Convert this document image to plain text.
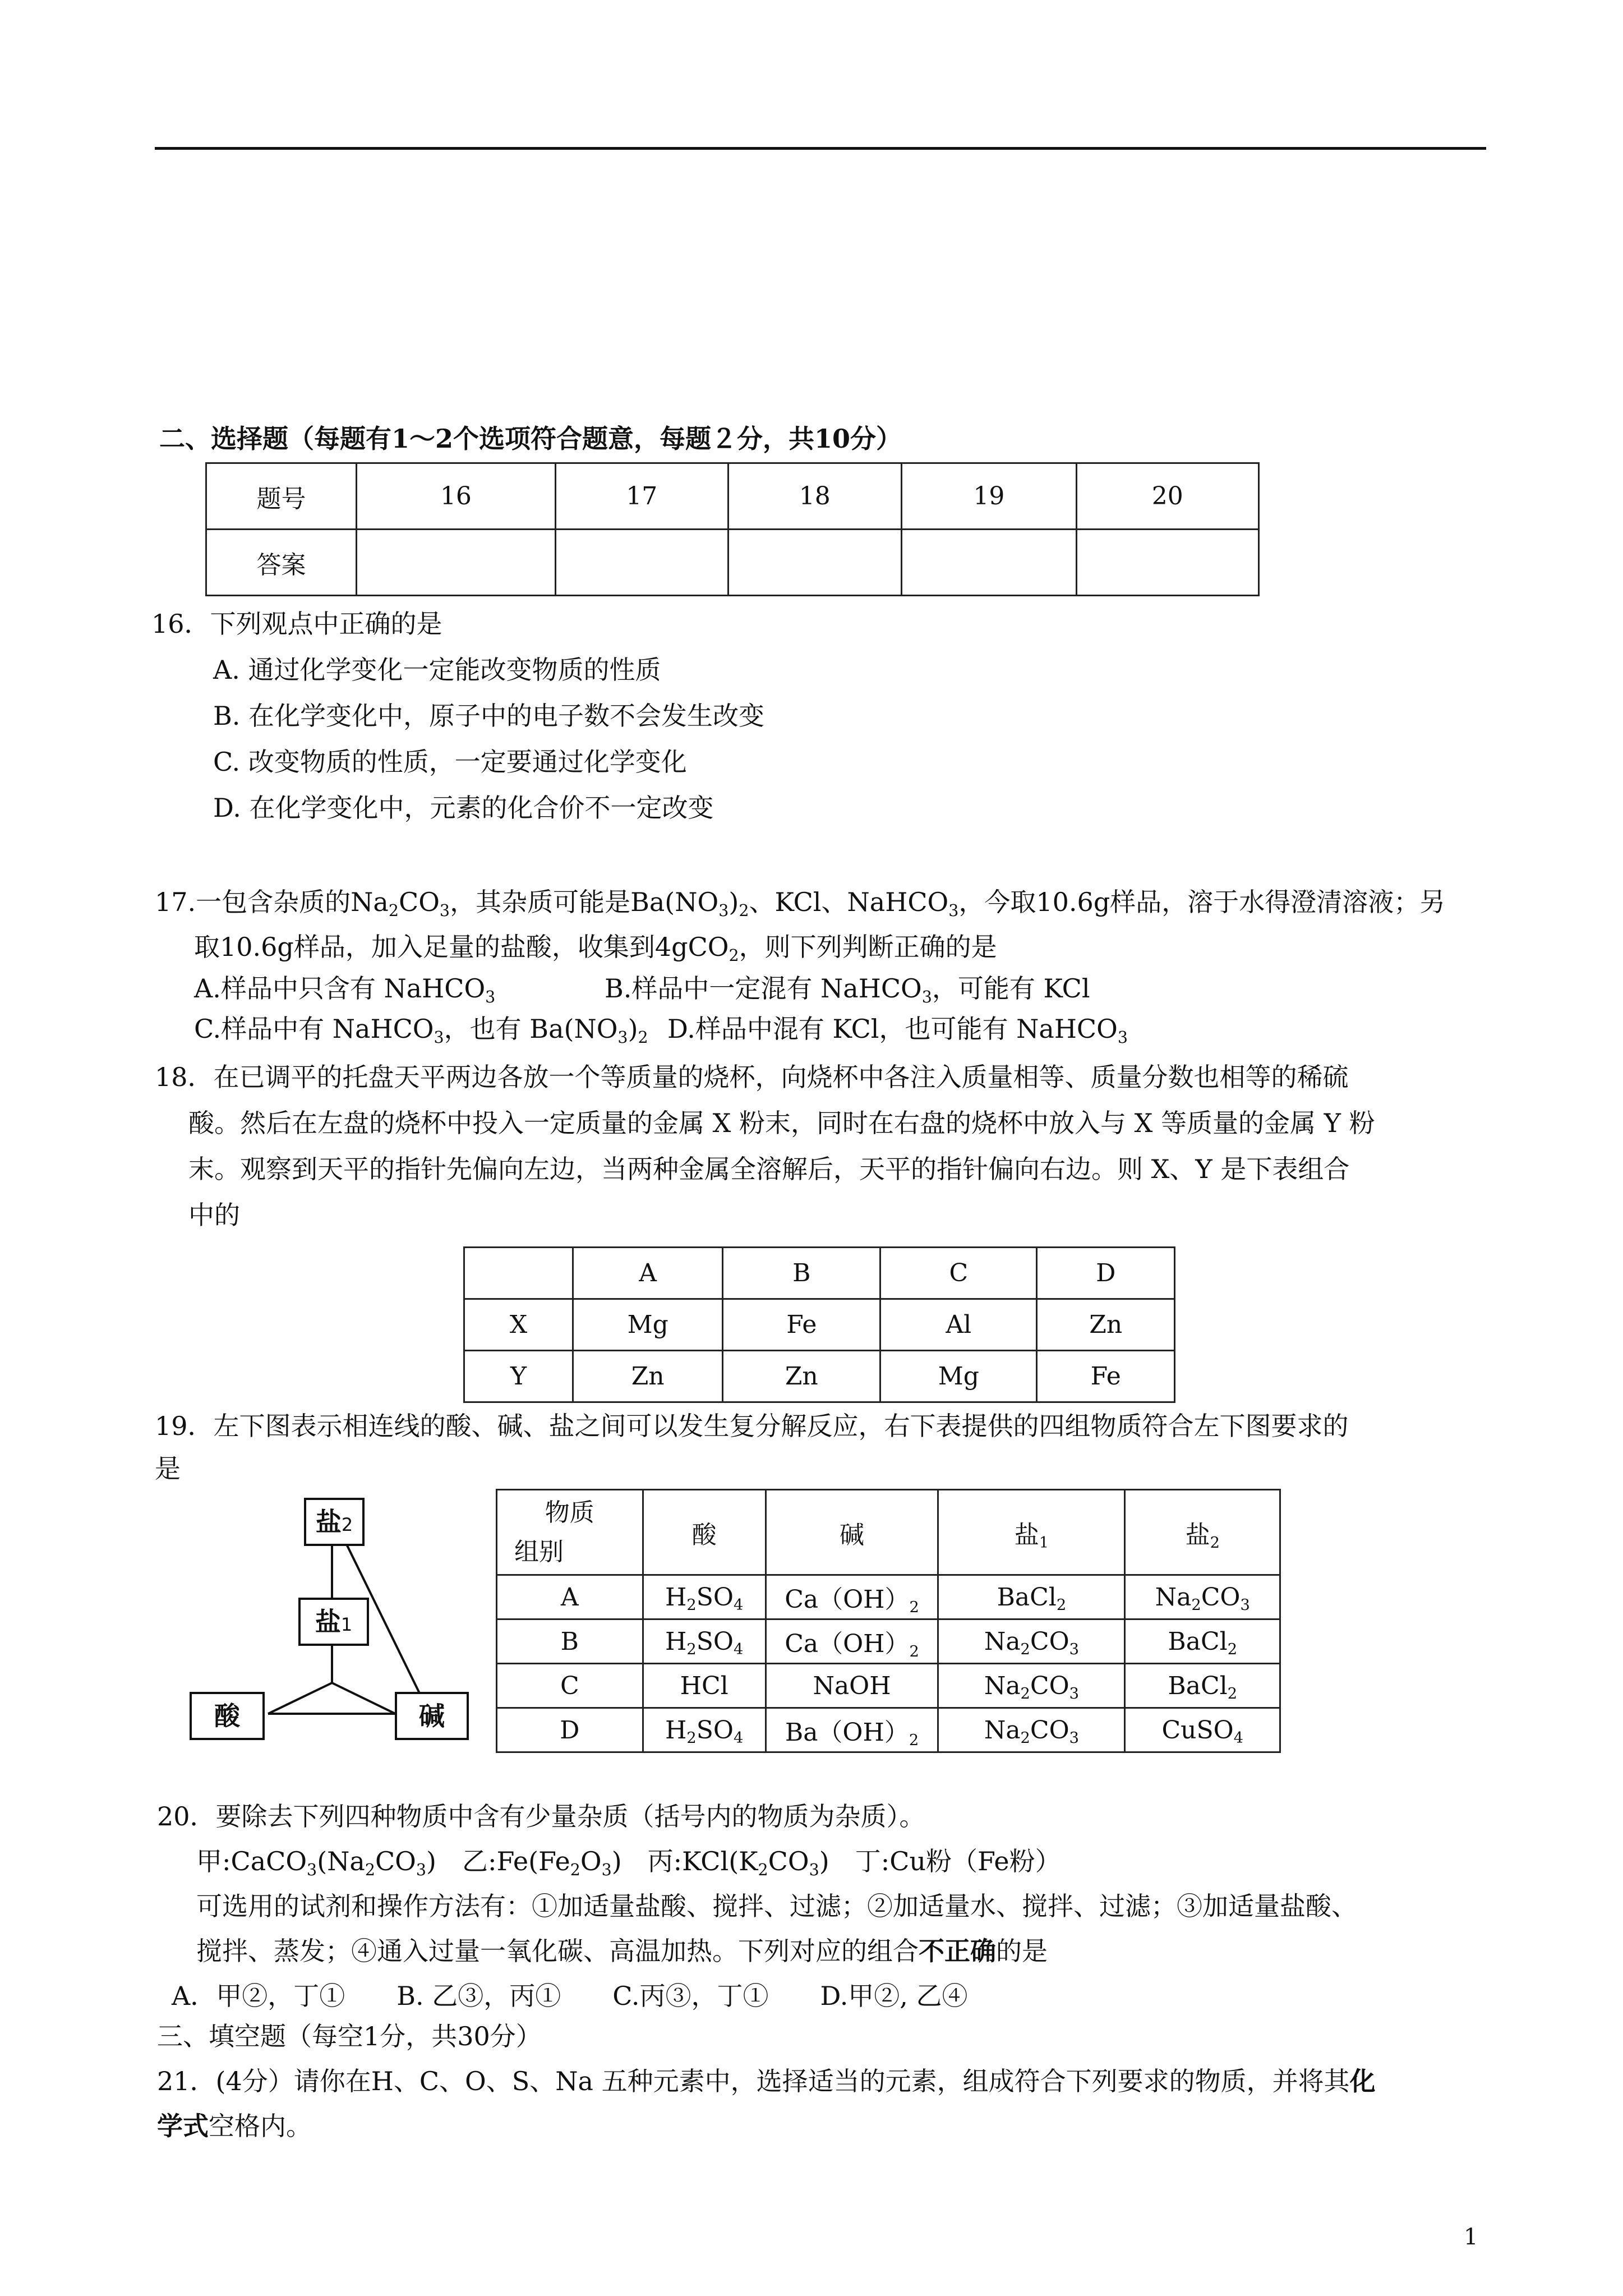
二、选择题（每题有1～2个选项符合题意，每题２分，共10分）
题号	16	17	18	19	20
答案					
16．下列观点中正确的是
A. 通过化学变化一定能改变物质的性质
B. 在化学变化中，原子中的电子数不会发生改变
C. 改变物质的性质，一定要通过化学变化
D. 在化学变化中，元素的化合价不一定改变
17.一包含杂质的Na2CO3，其杂质可能是Ba(NO3)2、KCl、NaHCO3，今取10.6g样品，溶于水得澄清溶液；另
取10.6g样品，加入足量的盐酸，收集到4gCO2，则下列判断正确的是
A.样品中只含有 NaHCO3	B.样品中一定混有 NaHCO3，可能有 KCl
C.样品中有 NaHCO3，也有 Ba(NO3)2 D.样品中混有 KCl，也可能有 NaHCO3
18．在已调平的托盘天平两边各放一个等质量的烧杯，向烧杯中各注入质量相等、质量分数也相等的稀硫
酸。然后在左盘的烧杯中投入一定质量的金属 X 粉末，同时在右盘的烧杯中放入与 X 等质量的金属 Y 粉
末。观察到天平的指针先偏向左边，当两种金属全溶解后，天平的指针偏向右边。则 X、Y 是下表组合
中的
	A	B	C	D
X	Mg	Fe	Al	Zn
Y	Zn	Zn	Mg	Fe
19．左下图表示相连线的酸、碱、盐之间可以发生复分解反应，右下表提供的四组物质符合左下图要求的
是
盐2
盐1
酸	碱
物质
组别	酸	碱	盐1	盐2
A	H2SO4	Ca（OH）2	BaCl2	Na2CO3
B	H2SO4	Ca（OH）2	Na2CO3	BaCl2
C	HCl	NaOH	Na2CO3	BaCl2
D	H2SO4	Ba（OH）2	Na2CO3	CuSO4
20．要除去下列四种物质中含有少量杂质（括号内的物质为杂质）。
甲:CaCO3(Na2CO3)　乙:Fe(Fe2O3)　丙:KCl(K2CO3)　丁:Cu粉（Fe粉）
可选用的试剂和操作方法有：①加适量盐酸、搅拌、过滤；②加适量水、搅拌、过滤；③加适量盐酸、
搅拌、蒸发；④通入过量一氧化碳、高温加热。下列对应的组合不正确的是
A．甲②，丁①　　B. 乙③，丙①　　C.丙③，丁①　　D.甲②, 乙④
三、填空题（每空1分，共30分）
21．(4分）请你在H、C、O、S、Na 五种元素中，选择适当的元素，组成符合下列要求的物质，并将其化
学式空格内。
1
